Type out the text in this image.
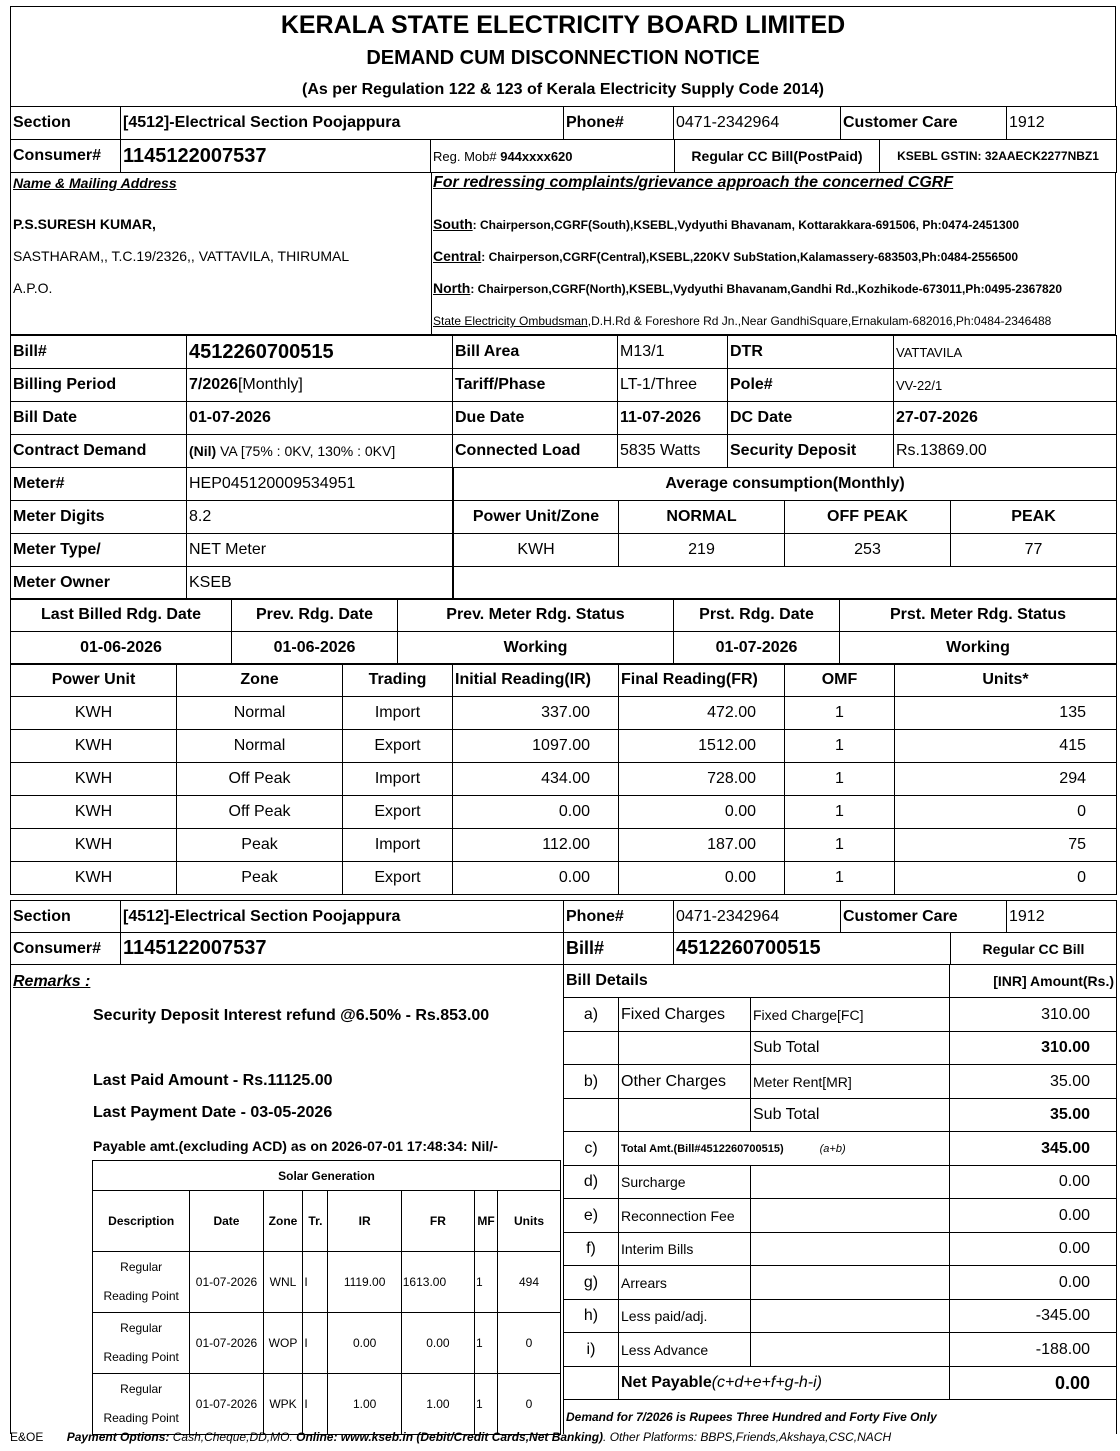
KERALA STATE ELECTRICITY BOARD LIMITED
DEMAND CUM DISCONNECTION NOTICE
(As per Regulation 122 & 123 of Kerala Electricity Supply Code 2014)
Section	[4512]-Electrical Section Poojappura	Phone#	0471-2342964	Customer Care	1912
Consumer#	1145122007537	Reg. Mob# 944xxxx620	Regular CC Bill(PostPaid)	KSEBL GSTIN: 32AAECK2277NBZ1
Name & Mailing Address
P.S.SURESH KUMAR,
SASTHARAM,, T.C.19/2326,, VATTAVILA, THIRUMAL
A.P.O.
For redressing complaints/grievance approach the concerned CGRF
South: Chairperson,CGRF(South),KSEBL,Vydyuthi Bhavanam, Kottarakkara-691506, Ph:0474-2451300
Central: Chairperson,CGRF(Central),KSEBL,220KV SubStation,Kalamassery-683503,Ph:0484-2556500
North: Chairperson,CGRF(North),KSEBL,Vydyuthi Bhavanam,Gandhi Rd.,Kozhikode-673011,Ph:0495-2367820
State Electricity Ombudsman,D.H.Rd & Foreshore Rd Jn.,Near GandhiSquare,Ernakulam-682016,Ph:0484-2346488
Bill#	4512260700515	Bill Area	M13/1	DTR	VATTAVILA
Billing Period	7/2026[Monthly]	Tariff/Phase	LT-1/Three	Pole#	VV-22/1
Bill Date	01-07-2026	Due Date	11-07-2026	DC Date	27-07-2026
Contract Demand	(Nil) VA [75% : 0KV, 130% : 0KV]	Connected Load	5835 Watts	Security Deposit	Rs.13869.00
Meter#	HEP045120009534951
Meter Digits	8.2
Meter Type/	NET Meter
Meter Owner	KSEB
Average consumption(Monthly)			
Power Unit/Zone	NORMAL	OFF PEAK	PEAK
KWH	219	253	77

Last Billed Rdg. Date	Prev. Rdg. Date	Prev. Meter Rdg. Status	Prst. Rdg. Date	Prst. Meter Rdg. Status
01-06-2026	01-06-2026	Working	01-07-2026	Working
Power Unit	Zone	Trading	Initial Reading(IR)	Final Reading(FR)	OMF	Units*
KWH	Normal	Import	337.00	472.00	1	135
KWH	Normal	Export	1097.00	1512.00	1	415
KWH	Off Peak	Import	434.00	728.00	1	294
KWH	Off Peak	Export	0.00	0.00	1	0
KWH	Peak	Import	112.00	187.00	1	75
KWH	Peak	Export	0.00	0.00	1	0
Section	[4512]-Electrical Section Poojappura	Phone#	0471-2342964	Customer Care	1912
Consumer#	1145122007537	Bill#	4512260700515	Regular CC Bill
Remarks :
Security Deposit Interest refund @6.50% - Rs.853.00
Last Paid Amount - Rs.11125.00
Last Payment Date - 03-05-2026
Payable amt.(excluding ACD) as on 2026-07-01 17:48:34: Nil/-
Solar Generation							
Description	Date	Zone	Tr.	IR	FR	MF	Units
Regular
Reading Point	01-07-2026	WNL	I	1119.00	1613.00	1	494
Regular
Reading Point	01-07-2026	WOP	I	0.00	0.00	1	0
Regular
Reading Point	01-07-2026	WPK	I	1.00	1.00	1	0
Bill Details			[INR] Amount(Rs.)
a)	Fixed Charges	Fixed Charge[FC]	310.00
		Sub Total	310.00
b)	Other Charges	Meter Rent[MR]	35.00
		Sub Total	35.00
c)	Total Amt.(Bill#4512260700515) (a+b)		345.00
d)	Surcharge		0.00
e)	Reconnection Fee		0.00
f)	Interim Bills		0.00
g)	Arrears		0.00
h)	Less paid/adj.		-345.00
i)	Less Advance		-188.00
	Net Payable(c+d+e+f+g-h-i)		0.00
Demand for 7/2026 is Rupees Three Hundred and Forty Five Only			
E&OE Payment Options: Cash,Cheque,DD,MO. Online: www.kseb.in (Debit/Credit Cards,Net Banking). Other Platforms: BBPS,Friends,Akshaya,CSC,NACH
